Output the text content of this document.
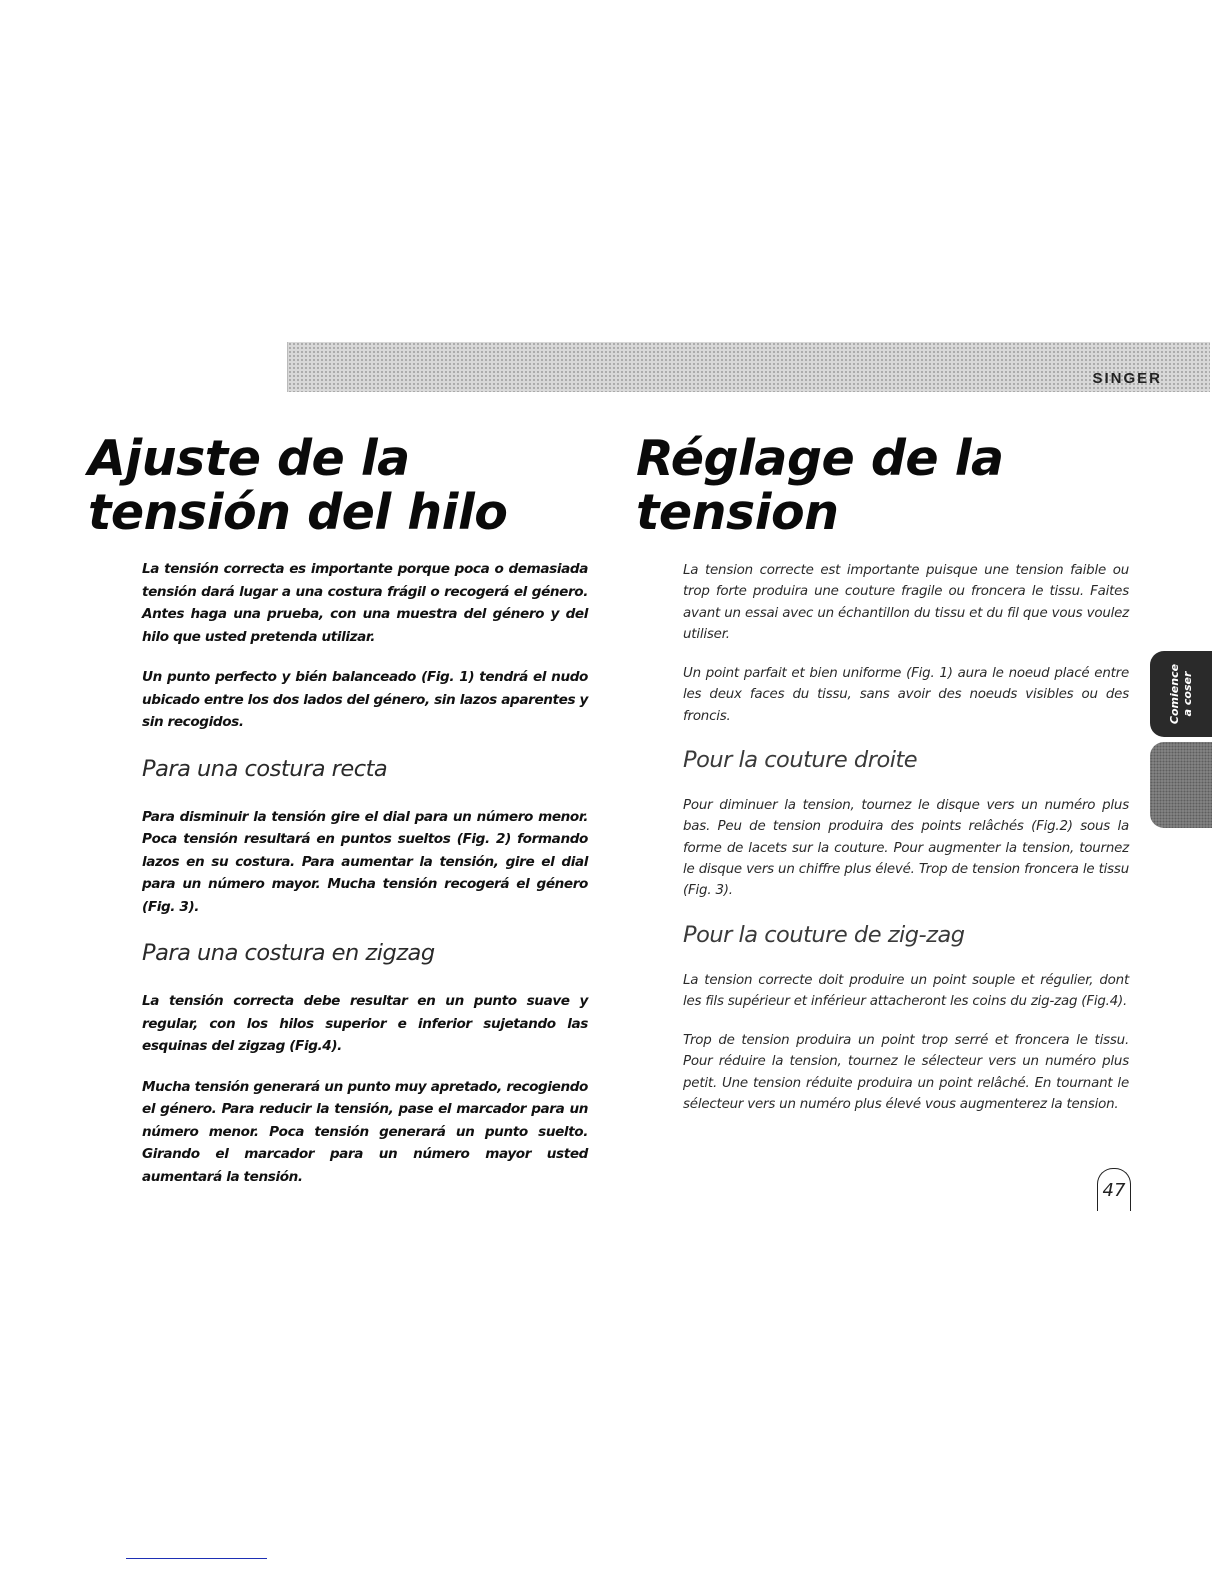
SINGER
Ajuste de la
tensión del hilo

La tensión correcta es importante porque poca o demasiada tensión dará lugar a una costura frágil o recogerá el género. Antes haga una prueba, con una muestra del género y del hilo que usted pretenda utilizar.

Un punto perfecto y bién balanceado (Fig. 1) tendrá el nudo ubicado entre los dos lados del género, sin lazos aparentes y sin recogidos.

Para una costura recta

Para disminuir la tensión gire el dial para un número menor. Poca tensión resultará en puntos sueltos (Fig. 2) formando lazos en su costura. Para aumentar la tensión, gire el dial para un número mayor. Mucha tensión recogerá el género (Fig. 3).

Para una costura en zigzag

La tensión correcta debe resultar en un punto suave y regular, con los hilos superior e inferior sujetando las esquinas del zigzag (Fig.4).

Mucha tensión generará un punto muy apretado, recogiendo el género. Para reducir la tensión, pase el marcador para un número menor. Poca tensión generará un punto suelto. Girando el marcador para un número mayor usted aumentará la tensión.

Réglage de la
tension

La tension correcte est importante puisque une tension faible ou trop forte produira une couture fragile ou froncera le tissu. Faites avant un essai avec un échantillon du tissu et du fil que vous voulez utiliser.

Un point parfait et bien uniforme (Fig. 1) aura le noeud placé entre les deux faces du tissu, sans avoir des noeuds visibles ou des froncis.

Pour la couture droite

Pour diminuer la tension, tournez le disque vers un numéro plus bas. Peu de tension produira des points relâchés (Fig.2) sous la forme de lacets sur la couture. Pour augmenter la tension, tournez le disque vers un chiffre plus élevé. Trop de tension froncera le tissu (Fig. 3).

Pour la couture de zig-zag

La tension correcte doit produire un point souple et régulier, dont les fils supérieur et inférieur attacheront les coins du zig-zag (Fig.4).

Trop de tension produira un point trop serré et froncera le tissu. Pour réduire la tension, tournez le sélecteur vers un numéro plus petit. Une tension réduite produira un point relâché. En tournant le sélecteur vers un numéro plus élevé vous augmenterez la tension.

Comience
a coser
47
